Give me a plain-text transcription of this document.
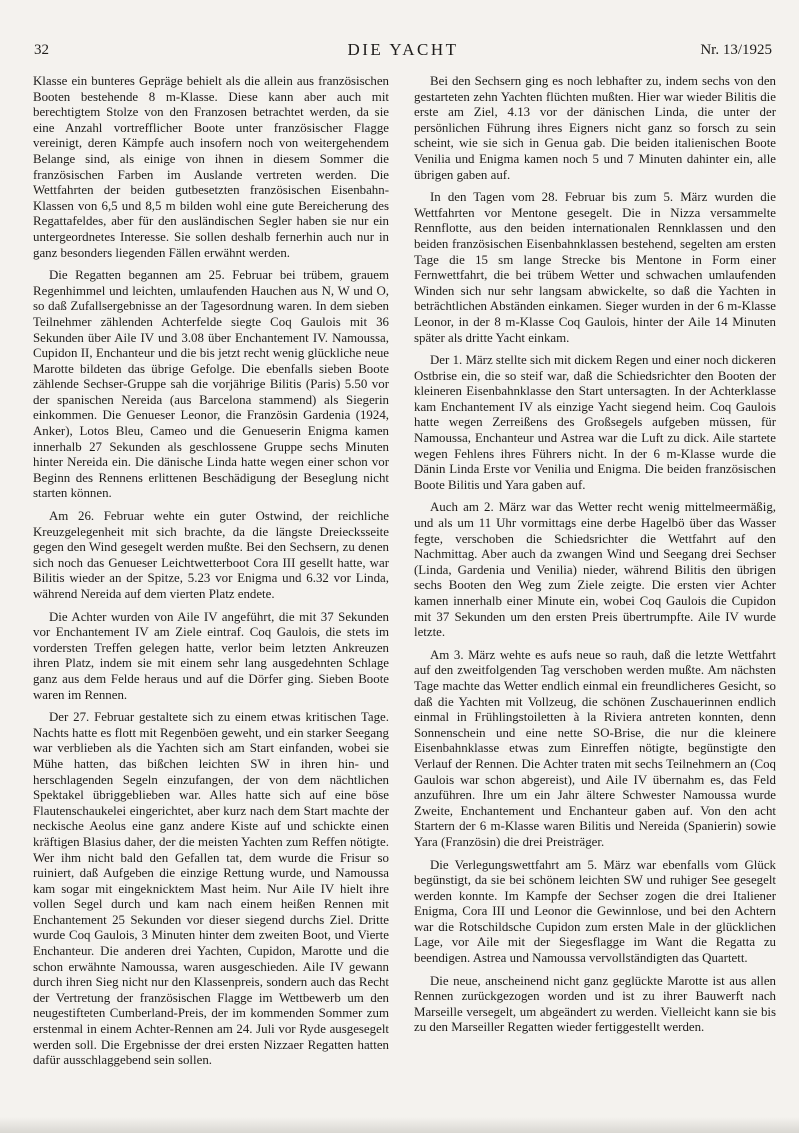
32	DIE YACHT	Nr. 13/1925

Klasse ein bunteres Gepräge behielt als die allein aus französischen Booten bestehende 8 m-Klasse. Diese kann aber auch mit berechtigtem Stolze von den Franzosen betrachtet werden, da sie eine Anzahl vortrefflicher Boote unter französischer Flagge vereinigt, deren Kämpfe auch insofern noch von weitergehendem Belange sind, als einige von ihnen in diesem Sommer die französischen Farben im Auslande vertreten werden. Die Wettfahrten der beiden gutbesetzten französischen Eisenbahn-Klassen von 6,5 und 8,5 m bilden wohl eine gute Bereicherung des Regattafeldes, aber für den ausländischen Segler haben sie nur ein untergeordnetes Interesse. Sie sollen deshalb fernerhin auch nur in ganz besonders liegenden Fällen erwähnt werden.

Die Regatten begannen am 25. Februar bei trübem, grauem Regenhimmel und leichten, umlaufenden Hauchen aus N, W und O, so daß Zufallsergebnisse an der Tagesordnung waren. In dem sieben Teilnehmer zählenden Achterfelde siegte Coq Gaulois mit 36 Sekunden über Aile IV und 3.08 über Enchantement IV. Namoussa, Cupidon II, Enchanteur und die bis jetzt recht wenig glückliche neue Marotte bildeten das übrige Gefolge. Die ebenfalls sieben Boote zählende Sechser-Gruppe sah die vorjährige Bilitis (Paris) 5.50 vor der spanischen Nereida (aus Barcelona stammend) als Siegerin einkommen. Die Genueser Leonor, die Französin Gardenia (1924, Anker), Lotos Bleu, Cameo und die Genueserin Enigma kamen innerhalb 27 Sekunden als geschlossene Gruppe sechs Minuten hinter Nereida ein. Die dänische Linda hatte wegen einer schon vor Beginn des Rennens erlittenen Beschädigung der Beseglung nicht starten können.

Am 26. Februar wehte ein guter Ostwind, der reichliche Kreuzgelegenheit mit sich brachte, da die längste Dreiecksseite gegen den Wind gesegelt werden mußte. Bei den Sechsern, zu denen sich noch das Genueser Leichtwetterboot Cora III gesellt hatte, war Bilitis wieder an der Spitze, 5.23 vor Enigma und 6.32 vor Linda, während Nereida auf dem vierten Platz endete.

Die Achter wurden von Aile IV angeführt, die mit 37 Sekunden vor Enchantement IV am Ziele eintraf. Coq Gaulois, die stets im vordersten Treffen gelegen hatte, verlor beim letzten Ankreuzen ihren Platz, indem sie mit einem sehr lang ausgedehnten Schlage ganz aus dem Felde heraus und auf die Dörfer ging. Sieben Boote waren im Rennen.

Der 27. Februar gestaltete sich zu einem etwas kritischen Tage. Nachts hatte es flott mit Regenböen geweht, und ein starker Seegang war verblieben als die Yachten sich am Start einfanden, wobei sie Mühe hatten, das bißchen leichten SW in ihren hin- und herschlagenden Segeln einzufangen, der von dem nächtlichen Spektakel übriggeblieben war. Alles hatte sich auf eine böse Flautenschaukelei eingerichtet, aber kurz nach dem Start machte der neckische Aeolus eine ganz andere Kiste auf und schickte einen kräftigen Blasius daher, der die meisten Yachten zum Reffen nötigte. Wer ihm nicht bald den Gefallen tat, dem wurde die Frisur so ruiniert, daß Aufgeben die einzige Rettung wurde, und Namoussa kam sogar mit eingeknicktem Mast heim. Nur Aile IV hielt ihre vollen Segel durch und kam nach einem heißen Rennen mit Enchantement 25 Sekunden vor dieser siegend durchs Ziel. Dritte wurde Coq Gaulois, 3 Minuten hinter dem zweiten Boot, und Vierte Enchanteur. Die anderen drei Yachten, Cupidon, Marotte und die schon erwähnte Namoussa, waren ausgeschieden. Aile IV gewann durch ihren Sieg nicht nur den Klassenpreis, sondern auch das Recht der Vertretung der französischen Flagge im Wettbewerb um den neugestifteten Cumberland-Preis, der im kommenden Sommer zum erstenmal in einem Achter-Rennen am 24. Juli vor Ryde ausgesegelt werden soll. Die Ergebnisse der drei ersten Nizzaer Regatten hatten dafür ausschlaggebend sein sollen.

Bei den Sechsern ging es noch lebhafter zu, indem sechs von den gestarteten zehn Yachten flüchten mußten. Hier war wieder Bilitis die erste am Ziel, 4.13 vor der dänischen Linda, die unter der persönlichen Führung ihres Eigners nicht ganz so forsch zu sein scheint, wie sie sich in Genua gab. Die beiden italienischen Boote Venilia und Enigma kamen noch 5 und 7 Minuten dahinter ein, alle übrigen gaben auf.

In den Tagen vom 28. Februar bis zum 5. März wurden die Wettfahrten vor Mentone gesegelt. Die in Nizza versammelte Rennflotte, aus den beiden internationalen Rennklassen und den beiden französischen Eisenbahnklassen bestehend, segelten am ersten Tage die 15 sm lange Strecke bis Mentone in Form einer Fernwettfahrt, die bei trübem Wetter und schwachen umlaufenden Winden sich nur sehr langsam abwickelte, so daß die Yachten in beträchtlichen Abständen einkamen. Sieger wurden in der 6 m-Klasse Leonor, in der 8 m-Klasse Coq Gaulois, hinter der Aile 14 Minuten später als dritte Yacht einkam.

Der 1. März stellte sich mit dickem Regen und einer noch dickeren Ostbrise ein, die so steif war, daß die Schiedsrichter den Booten der kleineren Eisenbahnklasse den Start untersagten. In der Achterklasse kam Enchantement IV als einzige Yacht siegend heim. Coq Gaulois hatte wegen Zerreißens des Großsegels aufgeben müssen, für Namoussa, Enchanteur und Astrea war die Luft zu dick. Aile startete wegen Fehlens ihres Führers nicht. In der 6 m-Klasse wurde die Dänin Linda Erste vor Venilia und Enigma. Die beiden französischen Boote Bilitis und Yara gaben auf.

Auch am 2. März war das Wetter recht wenig mittelmeermäßig, und als um 11 Uhr vormittags eine derbe Hagelbö über das Wasser fegte, verschoben die Schiedsrichter die Wettfahrt auf den Nachmittag. Aber auch da zwangen Wind und Seegang drei Sechser (Linda, Gardenia und Venilia) nieder, während Bilitis den übrigen sechs Booten den Weg zum Ziele zeigte. Die ersten vier Achter kamen innerhalb einer Minute ein, wobei Coq Gaulois die Cupidon mit 37 Sekunden um den ersten Preis übertrumpfte. Aile IV wurde letzte.

Am 3. März wehte es aufs neue so rauh, daß die letzte Wettfahrt auf den zweitfolgenden Tag verschoben werden mußte. Am nächsten Tage machte das Wetter endlich einmal ein freundlicheres Gesicht, so daß die Yachten mit Vollzeug, die schönen Zuschauerinnen endlich einmal in Frühlingstoiletten à la Riviera antreten konnten, denn Sonnenschein und eine nette SO-Brise, die nur die kleinere Eisenbahnklasse etwas zum Einreffen nötigte, begünstigte den Verlauf der Rennen. Die Achter traten mit sechs Teilnehmern an (Coq Gaulois war schon abgereist), und Aile IV übernahm es, das Feld anzuführen. Ihre um ein Jahr ältere Schwester Namoussa wurde Zweite, Enchantement und Enchanteur gaben auf. Von den acht Startern der 6 m-Klasse waren Bilitis und Nereida (Spanierin) sowie Yara (Französin) die drei Preisträger.

Die Verlegungswettfahrt am 5. März war ebenfalls vom Glück begünstigt, da sie bei schönem leichten SW und ruhiger See gesegelt werden konnte. Im Kampfe der Sechser zogen die drei Italiener Enigma, Cora III und Leonor die Gewinnlose, und bei den Achtern war die Rotschildsche Cupidon zum ersten Male in der glücklichen Lage, vor Aile mit der Siegesflagge im Want die Regatta zu beendigen. Astrea und Namoussa vervollständigten das Quartett.

Die neue, anscheinend nicht ganz geglückte Marotte ist aus allen Rennen zurückgezogen worden und ist zu ihrer Bauwerft nach Marseille versegelt, um abgeändert zu werden. Vielleicht kann sie bis zu den Marseiller Regatten wieder fertiggestellt werden.
